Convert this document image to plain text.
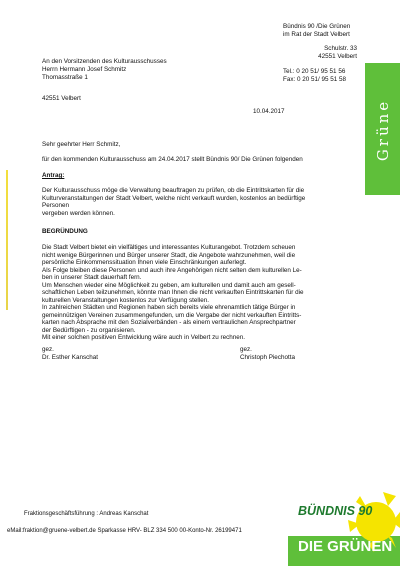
Bündnis 90 /Die Grünen
im Rat der Stadt Velbert
Schulstr. 33
42551 Velbert
Tel.: 0 20 51/ 95 51 56
Fax: 0 20 51/ 95 51 58
10.04.2017
An den Vorsitzenden des Kulturausschusses
Herrn Hermann Josef Schmitz
Thomasstraße 1
42551 Velbert
Grüne
Sehr geehrter Herr Schmitz,
für den kommenden Kulturausschuss am 24.04.2017 stellt Bündnis 90/ Die Grünen folgenden
Antrag:
Der Kulturausschuss möge die Verwaltung beauftragen zu prüfen, ob die Eintrittskarten für die
Kulturveranstaltungen der Stadt Velbert, welche nicht verkauft wurden, kostenlos an bedürftige
Personen
vergeben werden können.
BEGRÜNDUNG
Die Stadt Velbert bietet ein vielfältiges und interessantes Kulturangebot. Trotzdem scheuen
nicht wenige Bürgerinnen und Bürger unserer Stadt, die Angebote wahrzunehmen, weil die
persönliche Einkommenssituation Ihnen viele Einschränkungen auferlegt.
Als Folge bleiben diese Personen und auch ihre Angehörigen nicht selten dem kulturellen Le-
ben in unserer Stadt dauerhaft fern.
Um Menschen wieder eine Möglichkeit zu geben, am kulturellen und damit auch am gesell-
schaftlichen Leben teilzunehmen, könnte man Ihnen die nicht verkauften Eintrittskarten für die
kulturellen Veranstaltungen kostenlos zur Verfügung stellen.
In zahlreichen Städten und Regionen haben sich bereits viele ehrenamtlich tätige Bürger in
gemeinnützigen Vereinen zusammengefunden, um die Vergabe der nicht verkauften Eintritts-
karten nach Absprache mit den Sozialverbänden - als einem vertraulichen Ansprechpartner
der Bedürftigen - zu organisieren.
Mit einer solchen positiven Entwicklung wäre auch in Velbert zu rechnen.
gez.
Dr. Esther Kanschat
gez.
Christoph Piechotta
Fraktionsgeschäftsführung : Andreas Kanschat
eMail:fraktion@gruene-velbert.de Sparkasse HRV- BLZ 334 500 00-Konto-Nr. 26199471
BÜNDNIS 90
DIE GRÜNEN
